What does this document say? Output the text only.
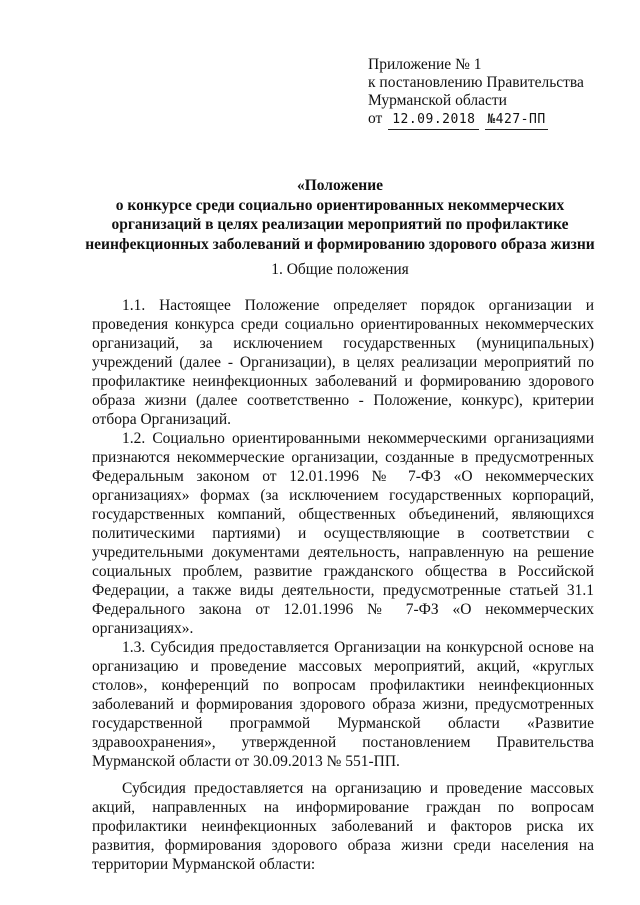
Приложение № 1
к постановлению Правительства
Мурманской области
от 12.09.2018 №427-ПП
«Положение
о конкурсе среди социально ориентированных некоммерческих
организаций в целях реализации мероприятий по профилактике
неинфекционных заболеваний и формированию здорового образа жизни
1. Общие положения

1.1. Настоящее Положение определяет порядок организации и проведения конкурса среди социально ориентированных некоммерческих организаций, за исключением государственных (муниципальных) учреждений (далее - Организации), в целях реализации мероприятий по профилактике неинфекционных заболеваний и формированию здорового образа жизни (далее соответственно - Положение, конкурс), критерии отбора Организаций.

1.2. Социально ориентированными некоммерческими организациями признаются некоммерческие организации, созданные в предусмотренных Федеральным законом от 12.01.1996 № 7-ФЗ «О некоммерческих организациях» формах (за исключением государственных корпораций, государственных компаний, общественных объединений, являющихся политическими партиями) и осуществляющие в соответствии с учредительными документами деятельность, направленную на решение социальных проблем, развитие гражданского общества в Российской Федерации, а также виды деятельности, предусмотренные статьей 31.1 Федерального закона от 12.01.1996 № 7-ФЗ «О некоммерческих организациях».

1.3. Субсидия предоставляется Организации на конкурсной основе на организацию и проведение массовых мероприятий, акций, «круглых столов», конференций по вопросам профилактики неинфекционных заболеваний и формирования здорового образа жизни, предусмотренных государственной программой Мурманской области «Развитие здравоохранения», утвержденной постановлением Правительства Мурманской области от 30.09.2013 № 551-ПП.

Субсидия предоставляется на организацию и проведение массовых акций, направленных на информирование граждан по вопросам профилактики неинфекционных заболеваний и факторов риска их развития, формирования здорового образа жизни среди населения на территории Мурманской области:
